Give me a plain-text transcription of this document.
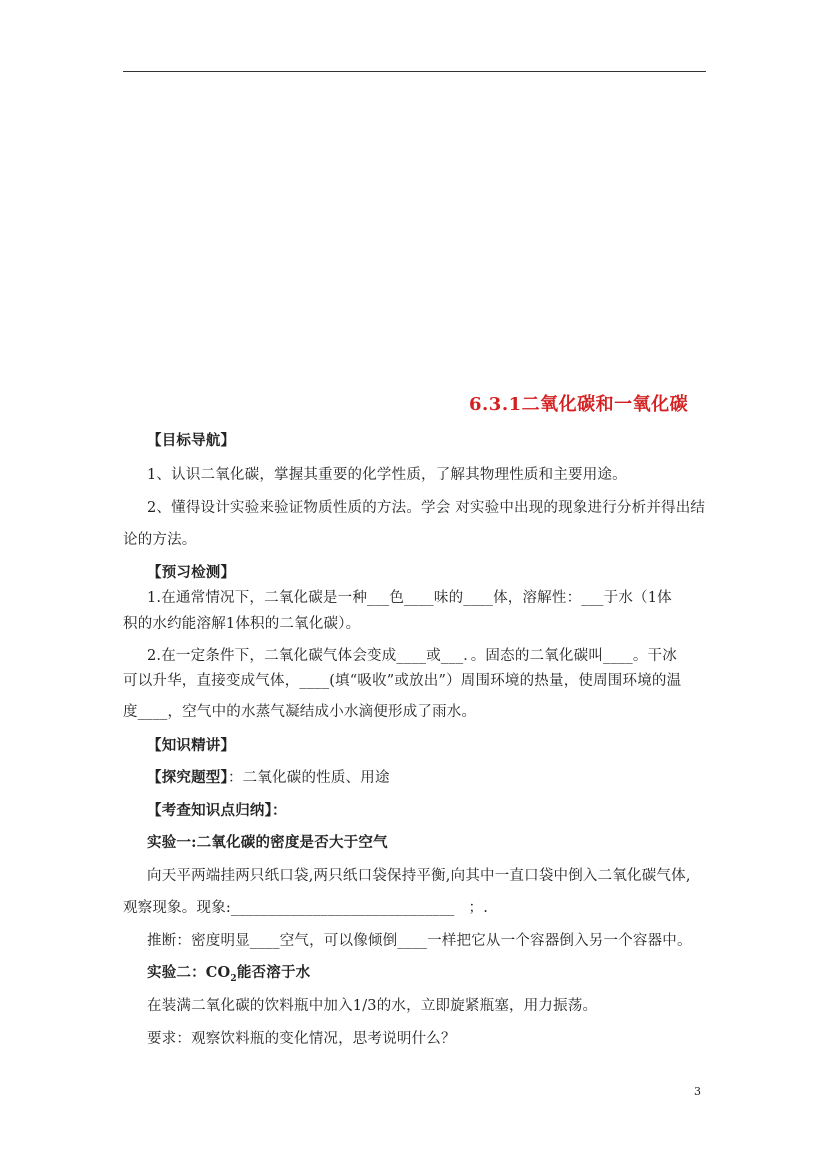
6.3.1二氧化碳和一氧化碳
【目标导航】
1、认识二氧化碳，掌握其重要的化学性质，了解其物理性质和主要用途。
2、懂得设计实验来验证物质性质的方法。学会 对实验中出现的现象进行分析并得出结
论的方法。
【预习检测】
1.在通常情况下，二氧化碳是一种___色____味的____体，溶解性：___于水（1体
积的水约能溶解1体积的二氧化碳）。
2.在一定条件下，二氧化碳气体会变成____或___．。固态的二氧化碳叫____。干冰
可以升华，直接变成气体，____(填“吸收”或放出”）周围环境的热量，使周围环境的温
度____，空气中的水蒸气凝结成小水滴便形成了雨水。
【知识精讲】
【探究题型】：二氧化碳的性质、用途
【考查知识点归纳】：
实验一:二氧化碳的密度是否大于空气
向天平两端挂两只纸口袋,两只纸口袋保持平衡,向其中一直口袋中倒入二氧化碳气体,
观察现象。现象:______________________________ ；.
推断：密度明显____空气，可以像倾倒____一样把它从一个容器倒入另一个容器中。
实验二：$CO_2$能否溶于水
在装满二氧化碳的饮料瓶中加入1/3的水，立即旋紧瓶塞，用力振荡。
要求：观察饮料瓶的变化情况，思考说明什么？
3
